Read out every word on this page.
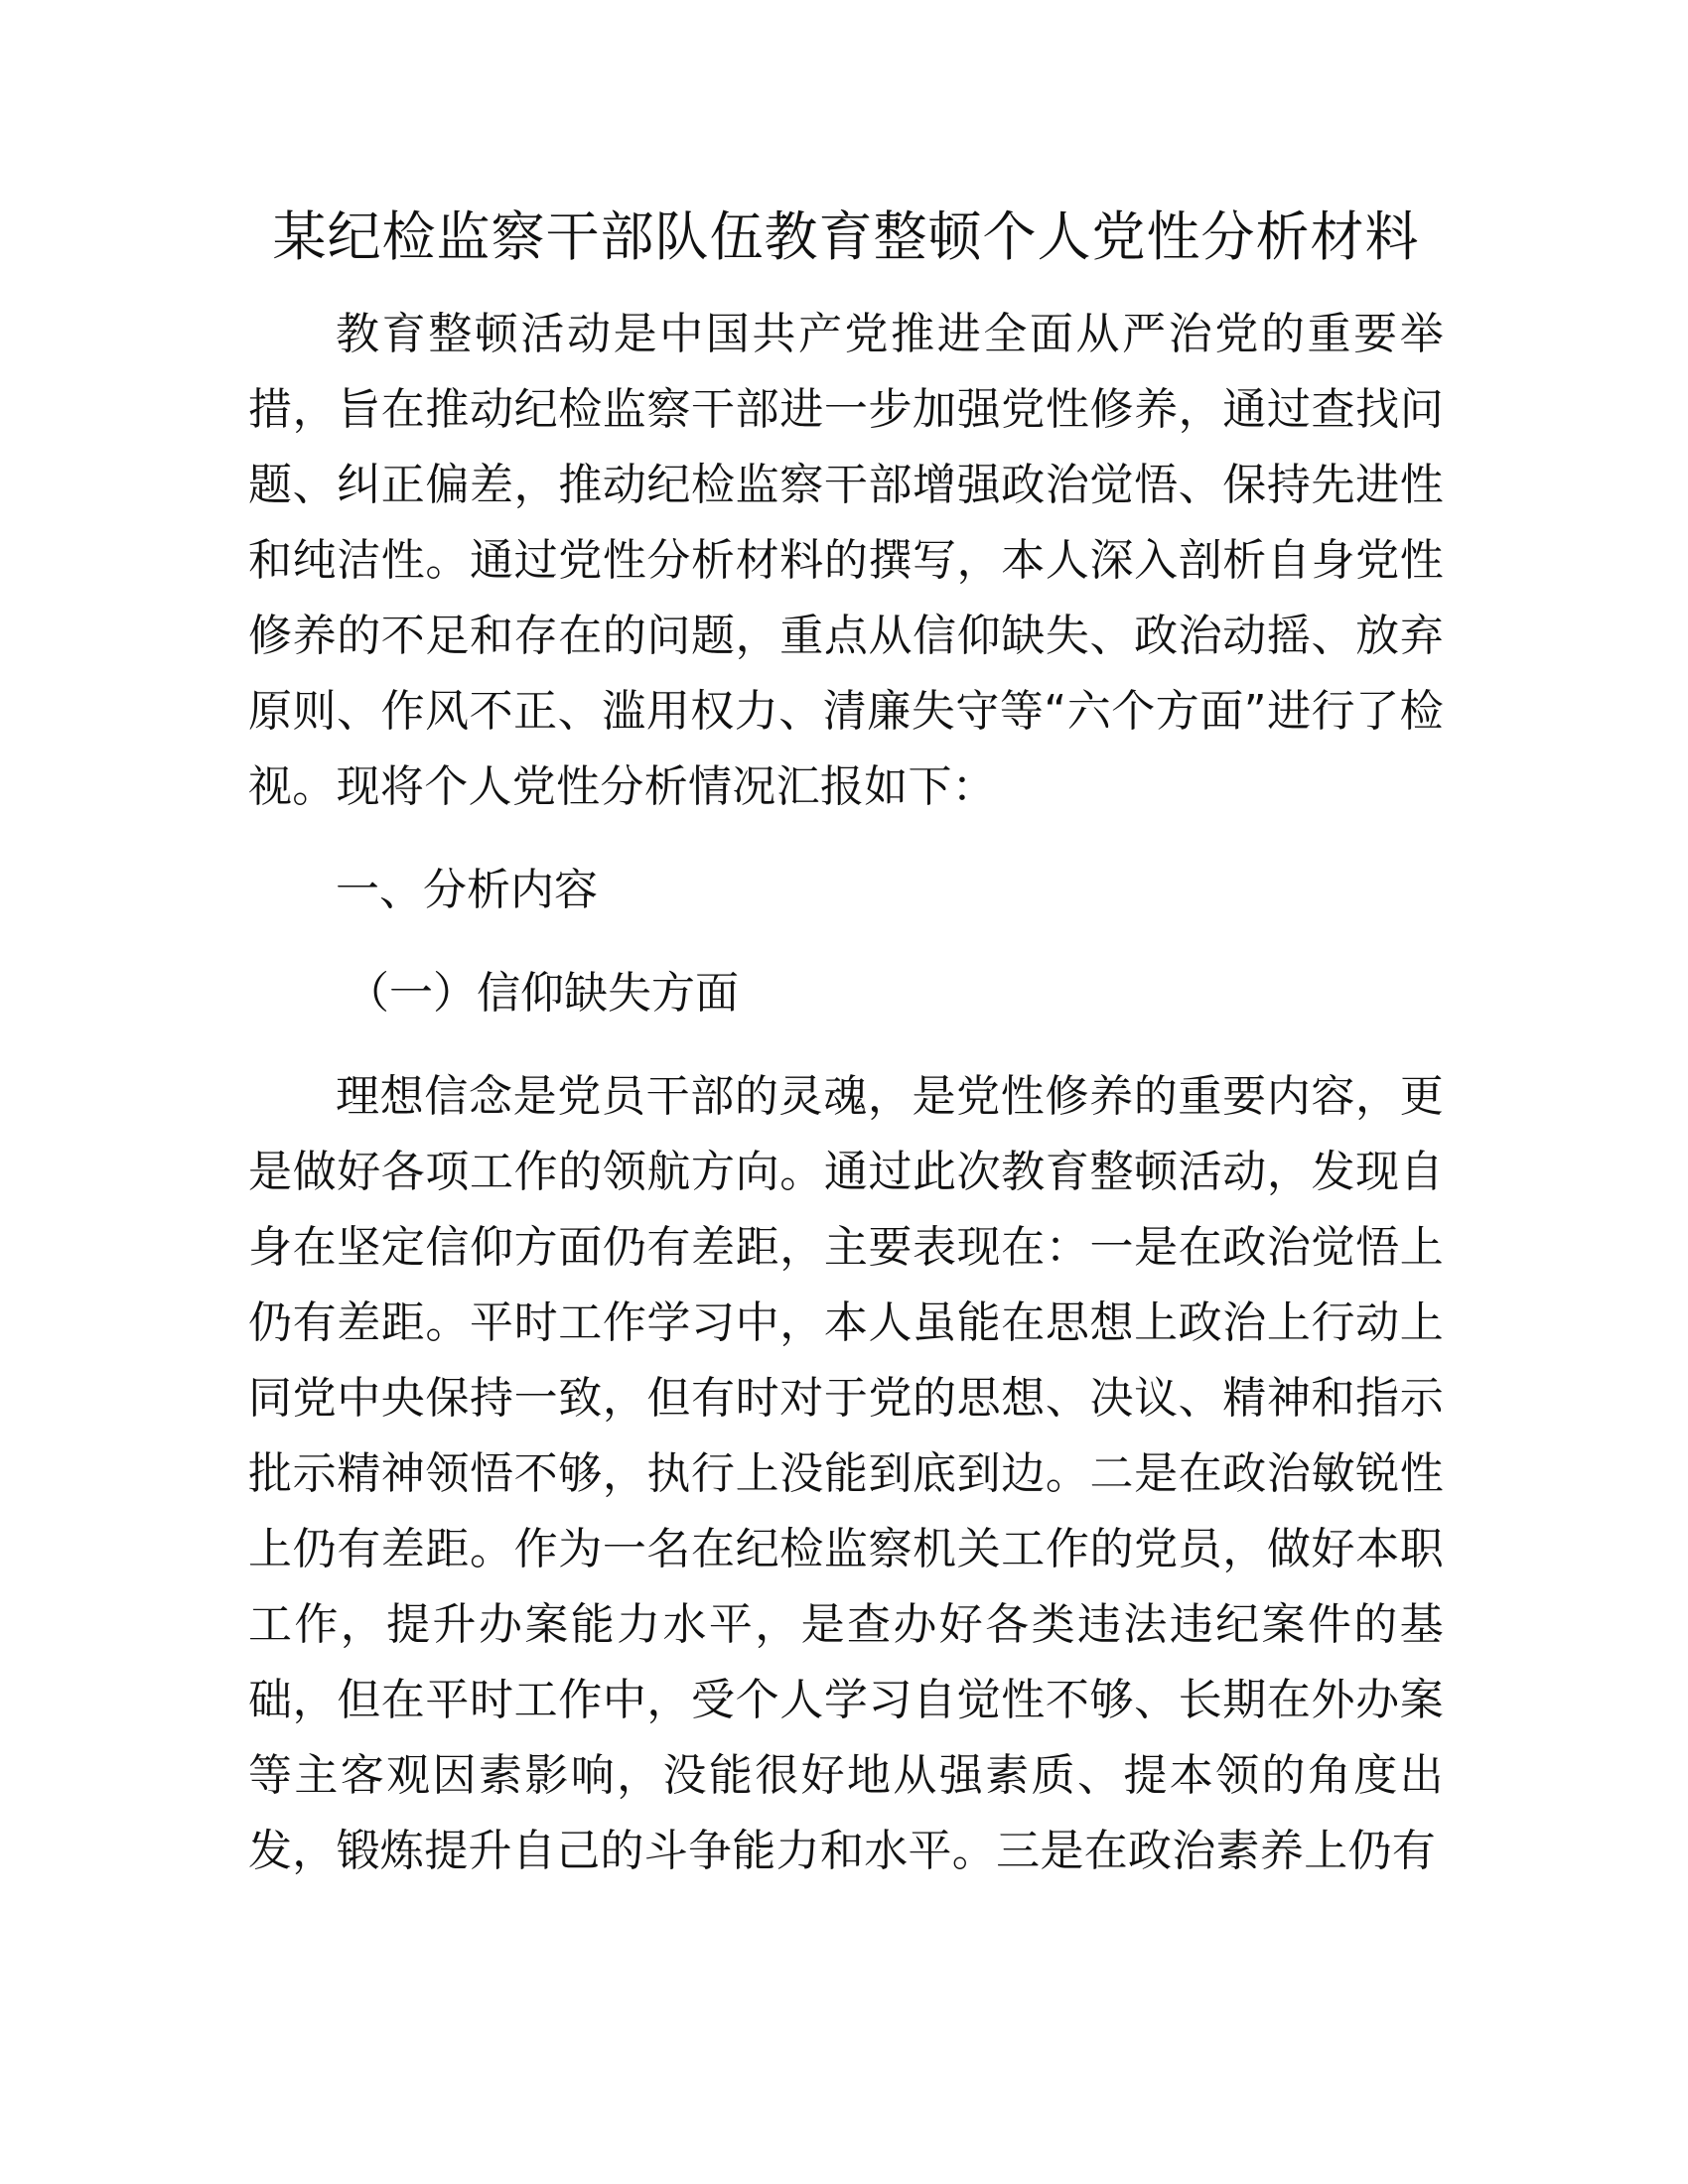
某纪检监察干部队伍教育整顿个人党性分析材料

教育整顿活动是中国共产党推进全面从严治党的重要举措，旨在推动纪检监察干部进一步加强党性修养，通过查找问题、纠正偏差，推动纪检监察干部增强政治觉悟、保持先进性和纯洁性。通过党性分析材料的撰写，本人深入剖析自身党性修养的不足和存在的问题，重点从信仰缺失、政治动摇、放弃原则、作风不正、滥用权力、清廉失守等“六个方面”进行了检视。现将个人党性分析情况汇报如下：

一、分析内容
（一）信仰缺失方面

理想信念是党员干部的灵魂，是党性修养的重要内容，更是做好各项工作的领航方向。通过此次教育整顿活动，发现自身在坚定信仰方面仍有差距，主要表现在：一是在政治觉悟上仍有差距。平时工作学习中，本人虽能在思想上政治上行动上同党中央保持一致，但有时对于党的思想、决议、精神和指示批示精神领悟不够，执行上没能到底到边。二是在政治敏锐性上仍有差距。作为一名在纪检监察机关工作的党员，做好本职工作，提升办案能力水平，是查办好各类违法违纪案件的基础，但在平时工作中，受个人学习自觉性不够、长期在外办案等主客观因素影响，没能很好地从强素质、提本领的角度出发，锻炼提升自己的斗争能力和水平。三是在政治素养上仍有
